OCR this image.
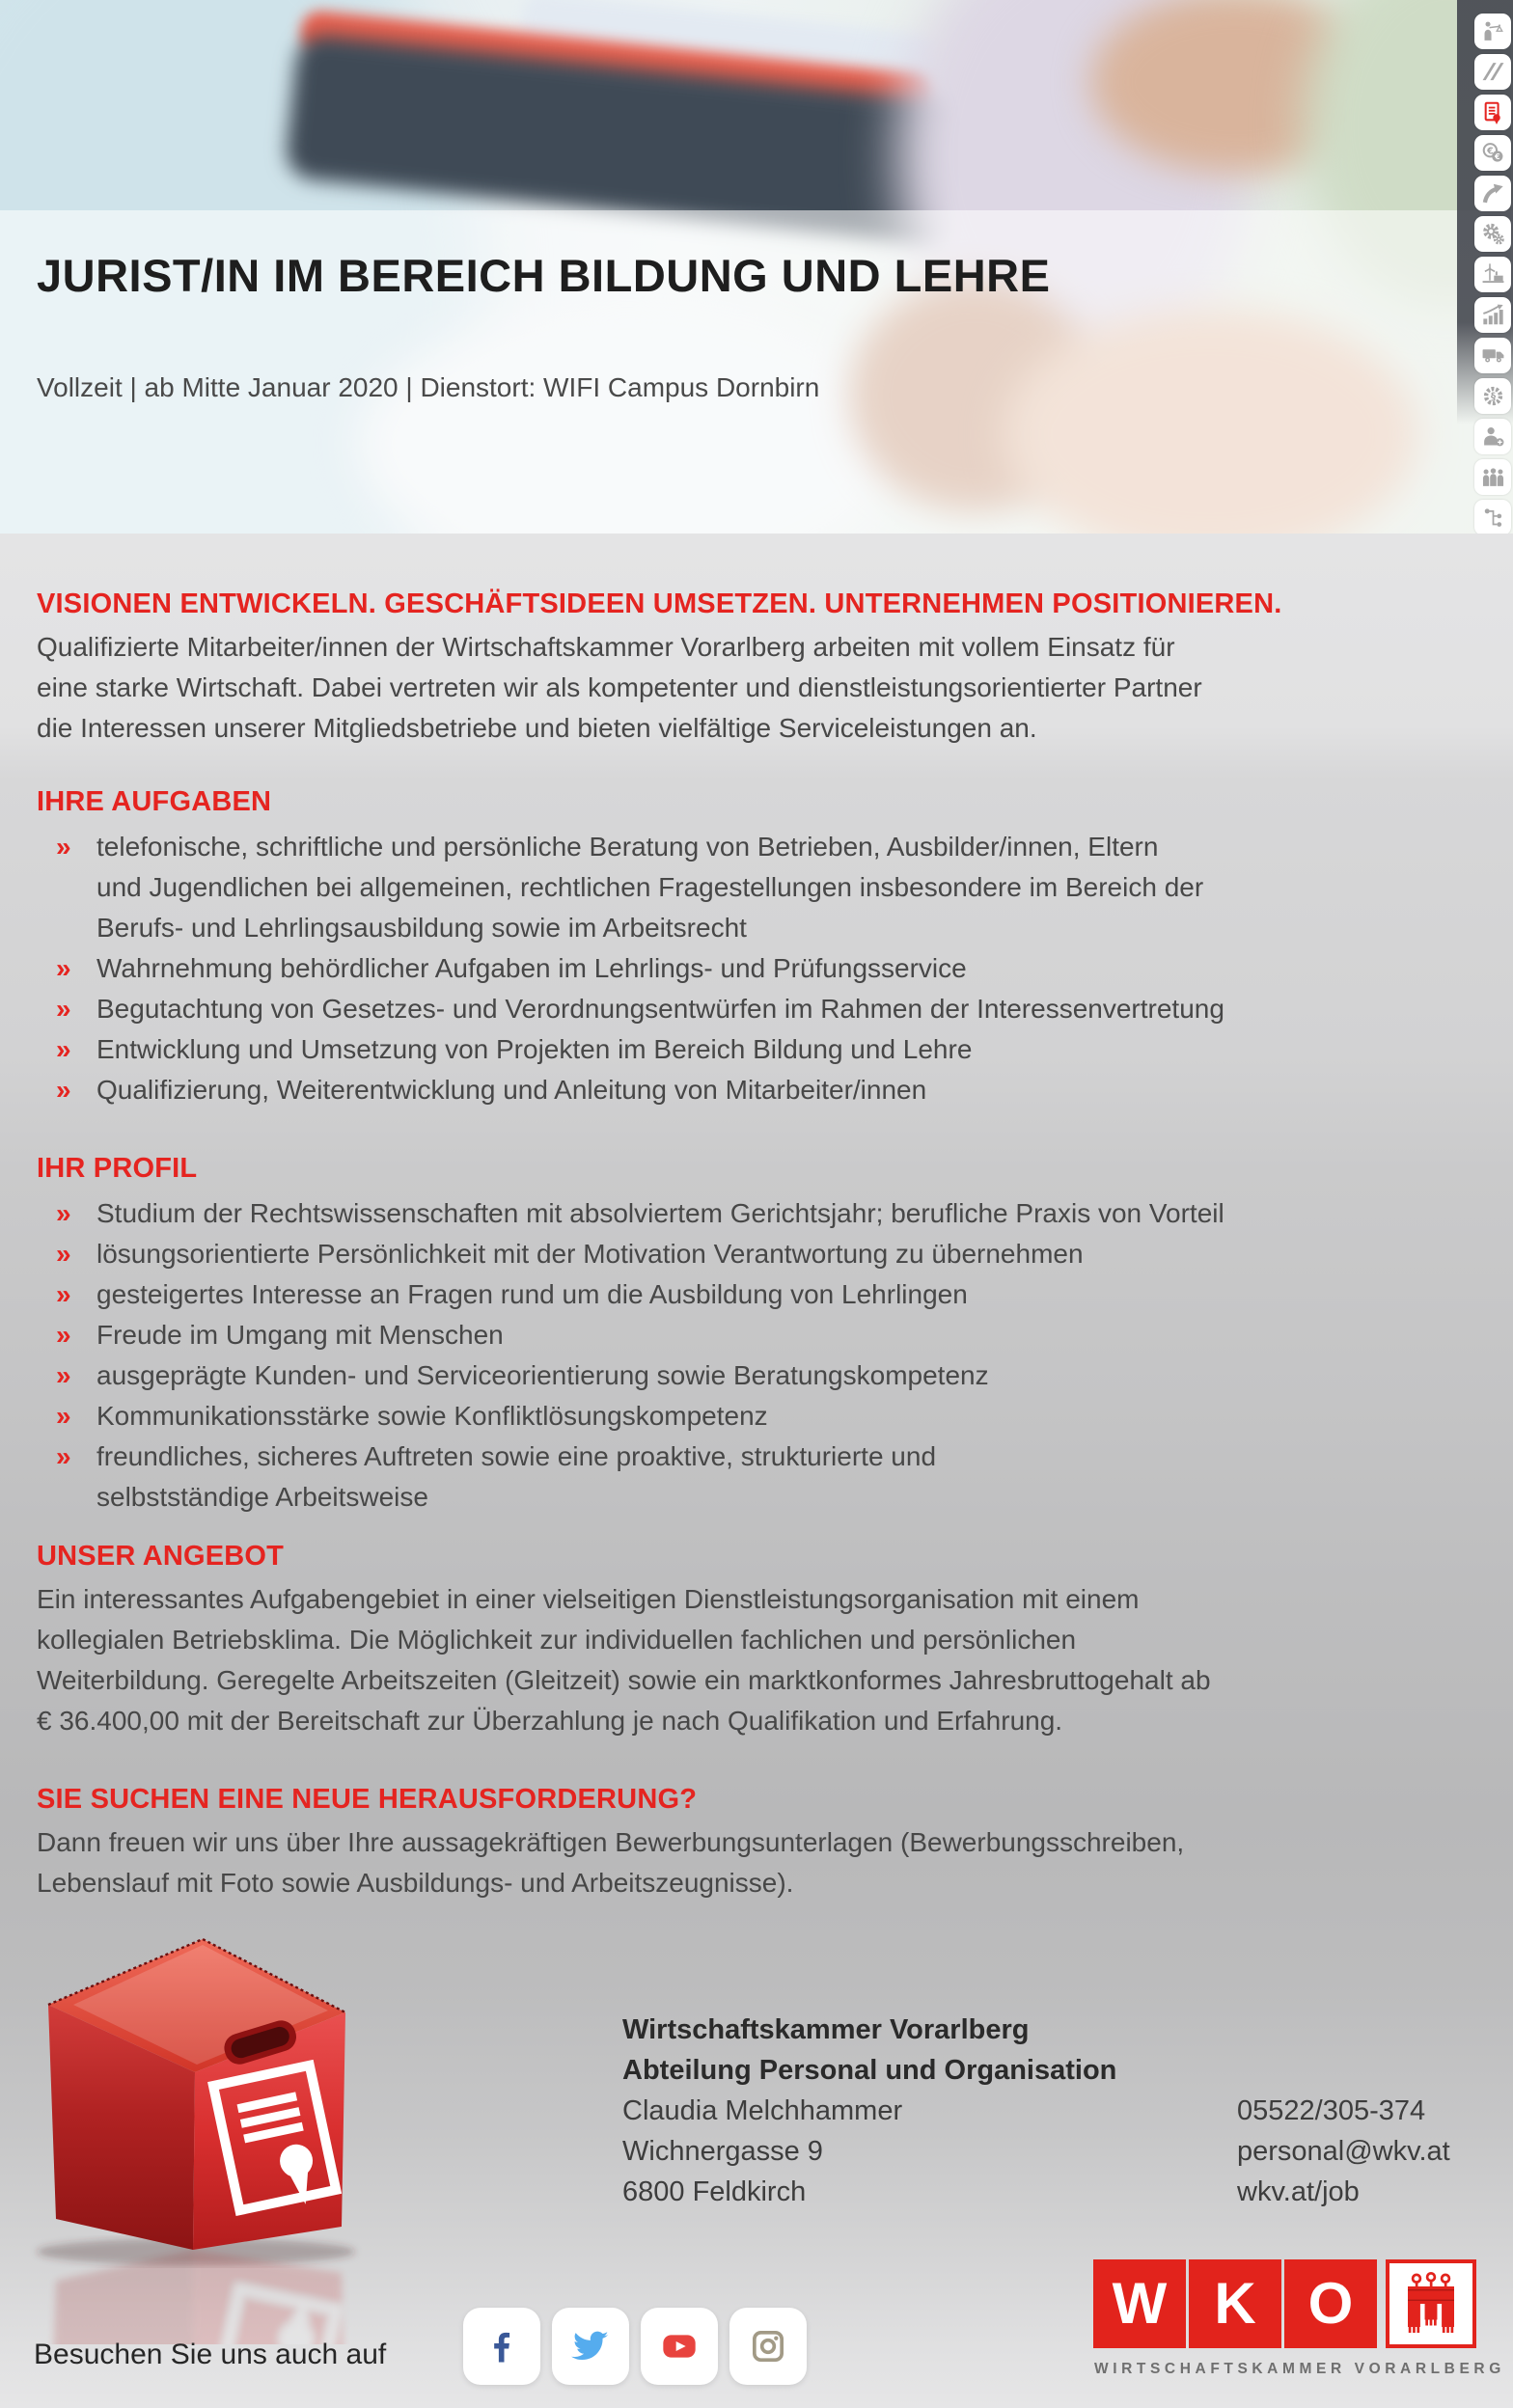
JURIST/IN IM BEREICH BILDUNG UND LEHRE
Vollzeit | ab Mitte Januar 2020 | Dienstort: WIFI Campus Dornbirn
VISIONEN ENTWICKELN. GESCHÄFTSIDEEN UMSETZEN. UNTERNEHMEN POSITIONIEREN.
Qualifizierte Mitarbeiter/innen der Wirtschaftskammer Vorarlberg arbeiten mit vollem Einsatz für
eine starke Wirtschaft. Dabei vertreten wir als kompetenter und dienstleistungsorientierter Partner
die Interessen unserer Mitgliedsbetriebe und bieten vielfältige Serviceleistungen an.
IHRE AUFGABEN
» telefonische, schriftliche und persönliche Beratung von Betrieben, Ausbilder/innen, Eltern
und Jugendlichen bei allgemeinen, rechtlichen Fragestellungen insbesondere im Bereich der
Berufs- und Lehrlingsausbildung sowie im Arbeitsrecht
» Wahrnehmung behördlicher Aufgaben im Lehrlings- und Prüfungsservice
» Begutachtung von Gesetzes- und Verordnungsentwürfen im Rahmen der Interessenvertretung
» Entwicklung und Umsetzung von Projekten im Bereich Bildung und Lehre
» Qualifizierung, Weiterentwicklung und Anleitung von Mitarbeiter/innen
IHR PROFIL
» Studium der Rechtswissenschaften mit absolviertem Gerichtsjahr; berufliche Praxis von Vorteil
» lösungsorientierte Persönlichkeit mit der Motivation Verantwortung zu übernehmen
» gesteigertes Interesse an Fragen rund um die Ausbildung von Lehrlingen
» Freude im Umgang mit Menschen
» ausgeprägte Kunden- und Serviceorientierung sowie Beratungskompetenz
» Kommunikationsstärke sowie Konfliktlösungskompetenz
» freundliches, sicheres Auftreten sowie eine proaktive, strukturierte und
selbstständige Arbeitsweise
UNSER ANGEBOT
Ein interessantes Aufgabengebiet in einer vielseitigen Dienstleistungsorganisation mit einem
kollegialen Betriebsklima. Die Möglichkeit zur individuellen fachlichen und persönlichen
Weiterbildung. Geregelte Arbeitszeiten (Gleitzeit) sowie ein marktkonformes Jahresbruttogehalt ab
€ 36.400,00 mit der Bereitschaft zur Überzahlung je nach Qualifikation und Erfahrung.
SIE SUCHEN EINE NEUE HERAUSFORDERUNG?
Dann freuen wir uns über Ihre aussagekräftigen Bewerbungsunterlagen (Bewerbungsschreiben,
Lebenslauf mit Foto sowie Ausbildungs- und Arbeitszeugnisse).
Wirtschaftskammer Vorarlberg
Abteilung Personal und Organisation
Claudia Melchhammer	05522/305-374
Wichnergasse 9	personal@wkv.at
6800 Feldkirch	wkv.at/job
Besuchen Sie uns auch auf
W K O
WIRTSCHAFTSKAMMER VORARLBERG
